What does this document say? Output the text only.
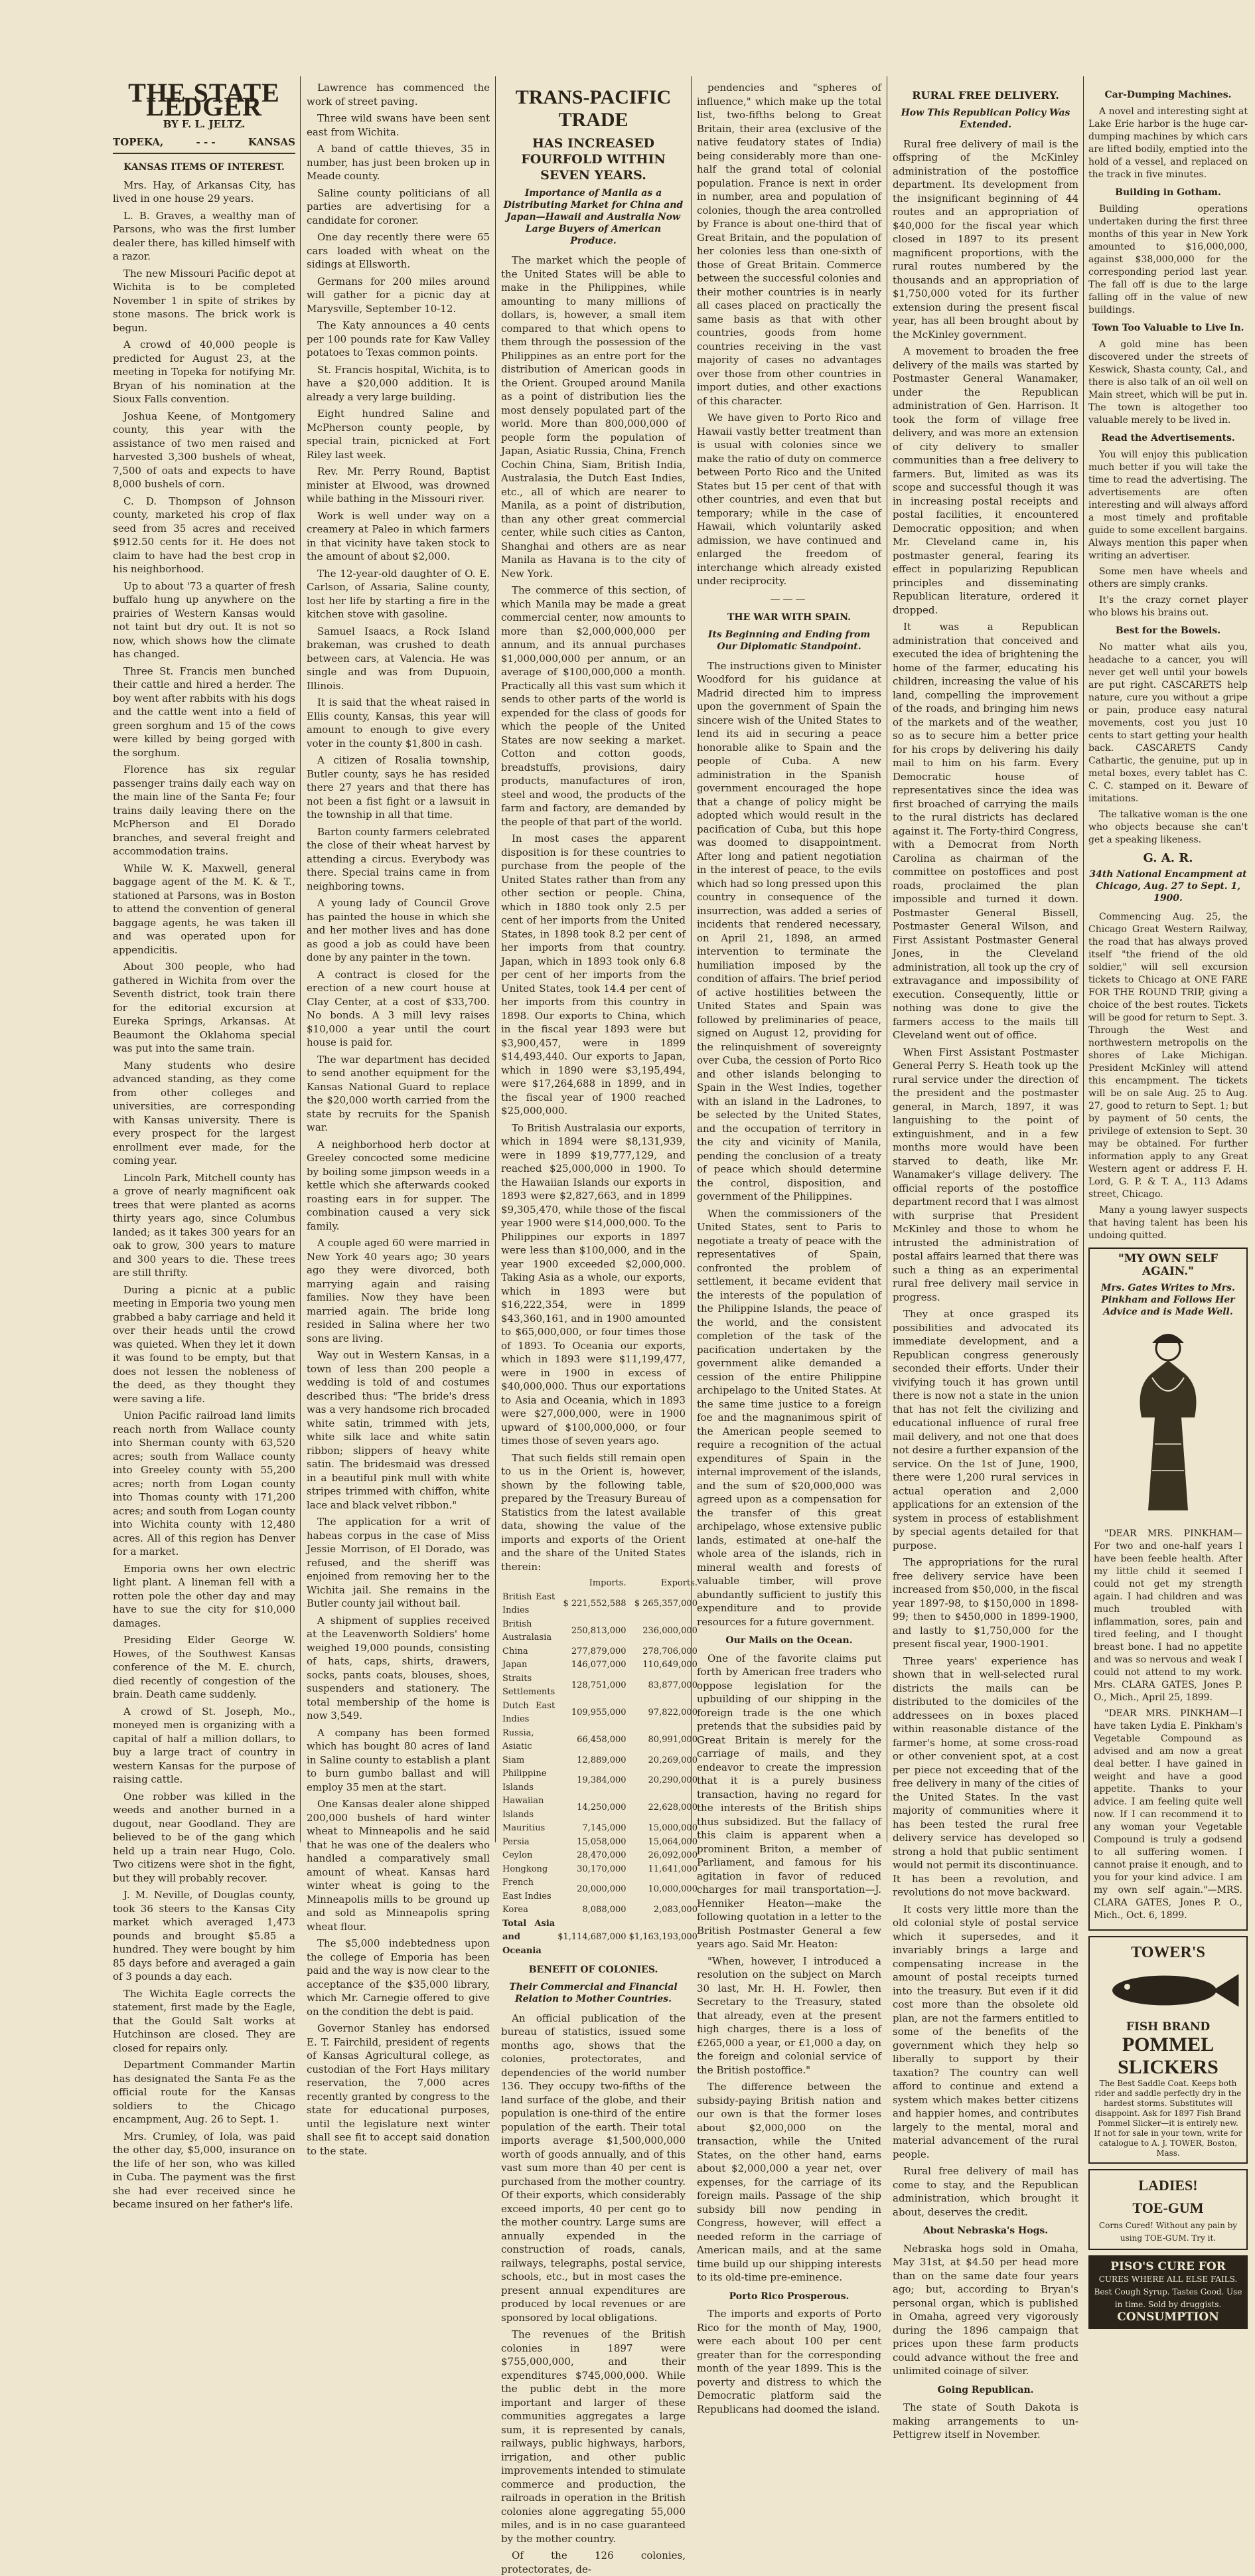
THE STATE LEDGER
BY F. L. JELTZ.
TOPEKA,	- - -	KANSAS
KANSAS ITEMS OF INTEREST.

Mrs. Hay, of Arkansas City, has lived in one house 29 years.

L. B. Graves, a wealthy man of Parsons, who was the first lumber dealer there, has killed himself with a razor.

The new Missouri Pacific depot at Wichita is to be completed November 1 in spite of strikes by stone masons. The brick work is begun.

A crowd of 40,000 people is predicted for August 23, at the meeting in Topeka for notifying Mr. Bryan of his nomination at the Sioux Falls convention.

Joshua Keene, of Montgomery county, this year with the assistance of two men raised and harvested 3,300 bushels of wheat, 7,500 of oats and expects to have 8,000 bushels of corn.

C. D. Thompson of Johnson county, marketed his crop of flax seed from 35 acres and received $912.50 cents for it. He does not claim to have had the best crop in his neighborhood.

Up to about '73 a quarter of fresh buffalo hung up anywhere on the prairies of Western Kansas would not taint but dry out. It is not so now, which shows how the climate has changed.

Three St. Francis men bunched their cattle and hired a herder. The boy went after rabbits with his dogs and the cattle went into a field of green sorghum and 15 of the cows were killed by being gorged with the sorghum.

Florence has six regular passenger trains daily each way on the main line of the Santa Fe; four trains daily leaving there on the McPherson and El Dorado branches, and several freight and accommodation trains.

While W. K. Maxwell, general baggage agent of the M. K. & T., stationed at Parsons, was in Boston to attend the convention of general baggage agents, he was taken ill and was operated upon for appendicitis.

About 300 people, who had gathered in Wichita from over the Seventh district, took train there for the editorial excursion at Eureka Springs, Arkansas. At Beaumont the Oklahoma special was put into the same train.

Many students who desire advanced standing, as they come from other colleges and universities, are corresponding with Kansas university. There is every prospect for the largest enrollment ever made, for the coming year.

Lincoln Park, Mitchell county has a grove of nearly magnificent oak trees that were planted as acorns thirty years ago, since Columbus landed; as it takes 300 years for an oak to grow, 300 years to mature and 300 years to die. These trees are still thrifty.

During a picnic at a public meeting in Emporia two young men grabbed a baby carriage and held it over their heads until the crowd was quieted. When they let it down it was found to be empty, but that does not lessen the nobleness of the deed, as they thought they were saving a life.

Union Pacific railroad land limits reach north from Wallace county into Sherman county with 63,520 acres; south from Wallace county into Greeley county with 55,200 acres; north from Logan county into Thomas county with 171,200 acres; and south from Logan county into Wichita county with 12,480 acres. All of this region has Denver for a market.

Emporia owns her own electric light plant. A lineman fell with a rotten pole the other day and may have to sue the city for $10,000 damages.

Presiding Elder George W. Howes, of the Southwest Kansas conference of the M. E. church, died recently of congestion of the brain. Death came suddenly.

A crowd of St. Joseph, Mo., moneyed men is organizing with a capital of half a million dollars, to buy a large tract of country in western Kansas for the purpose of raising cattle.

One robber was killed in the weeds and another burned in a dugout, near Goodland. They are believed to be of the gang which held up a train near Hugo, Colo. Two citizens were shot in the fight, but they will probably recover.

J. M. Neville, of Douglas county, took 36 steers to the Kansas City market which averaged 1,473 pounds and brought $5.85 a hundred. They were bought by him 85 days before and averaged a gain of 3 pounds a day each.

The Wichita Eagle corrects the statement, first made by the Eagle, that the Gould Salt works at Hutchinson are closed. They are closed for repairs only.

Department Commander Martin has designated the Santa Fe as the official route for the Kansas soldiers to the Chicago encampment, Aug. 26 to Sept. 1.

Mrs. Crumley, of Iola, was paid the other day, $5,000, insurance on the life of her son, who was killed in Cuba. The payment was the first she had ever received since he became insured on her father's life.

Lawrence has commenced the work of street paving.

Three wild swans have been sent east from Wichita.

A band of cattle thieves, 35 in number, has just been broken up in Meade county.

Saline county politicians of all parties are advertising for a candidate for coroner.

One day recently there were 65 cars loaded with wheat on the sidings at Ellsworth.

Germans for 200 miles around will gather for a picnic day at Marysville, September 10-12.

The Katy announces a 40 cents per 100 pounds rate for Kaw Valley potatoes to Texas common points.

St. Francis hospital, Wichita, is to have a $20,000 addition. It is already a very large building.

Eight hundred Saline and McPherson county people, by special train, picnicked at Fort Riley last week.

Rev. Mr. Perry Round, Baptist minister at Elwood, was drowned while bathing in the Missouri river.

Work is well under way on a creamery at Paleo in which farmers in that vicinity have taken stock to the amount of about $2,000.

The 12-year-old daughter of O. E. Carlson, of Assaria, Saline county, lost her life by starting a fire in the kitchen stove with gasoline.

Samuel Isaacs, a Rock Island brakeman, was crushed to death between cars, at Valencia. He was single and was from Dupuoin, Illinois.

It is said that the wheat raised in Ellis county, Kansas, this year will amount to enough to give every voter in the county $1,800 in cash.

A citizen of Rosalia township, Butler county, says he has resided there 27 years and that there has not been a fist fight or a lawsuit in the township in all that time.

Barton county farmers celebrated the close of their wheat harvest by attending a circus. Everybody was there. Special trains came in from neighboring towns.

A young lady of Council Grove has painted the house in which she and her mother lives and has done as good a job as could have been done by any painter in the town.

A contract is closed for the erection of a new court house at Clay Center, at a cost of $33,700. No bonds. A 3 mill levy raises $10,000 a year until the court house is paid for.

The war department has decided to send another equipment for the Kansas National Guard to replace the $20,000 worth carried from the state by recruits for the Spanish war.

A neighborhood herb doctor at Greeley concocted some medicine by boiling some jimpson weeds in a kettle which she afterwards cooked roasting ears in for supper. The combination caused a very sick family.

A couple aged 60 were married in New York 40 years ago; 30 years ago they were divorced, both marrying again and raising families. Now they have been married again. The bride long resided in Salina where her two sons are living.

Way out in Western Kansas, in a town of less than 200 people a wedding is told of and costumes described thus: "The bride's dress was a very handsome rich brocaded white satin, trimmed with jets, white silk lace and white satin ribbon; slippers of heavy white satin. The bridesmaid was dressed in a beautiful pink mull with white stripes trimmed with chiffon, white lace and black velvet ribbon."

The application for a writ of habeas corpus in the case of Miss Jessie Morrison, of El Dorado, was refused, and the sheriff was enjoined from removing her to the Wichita jail. She remains in the Butler county jail without bail.

A shipment of supplies received at the Leavenworth Soldiers' home weighed 19,000 pounds, consisting of hats, caps, shirts, drawers, socks, pants coats, blouses, shoes, suspenders and stationery. The total membership of the home is now 3,549.

A company has been formed which has bought 80 acres of land in Saline county to establish a plant to burn gumbo ballast and will employ 35 men at the start.

One Kansas dealer alone shipped 200,000 bushels of hard winter wheat to Minneapolis and he said that he was one of the dealers who handled a comparatively small amount of wheat. Kansas hard winter wheat is going to the Minneapolis mills to be ground up and sold as Minneapolis spring wheat flour.

The $5,000 indebtedness upon the college of Emporia has been paid and the way is now clear to the acceptance of the $35,000 library, which Mr. Carnegie offered to give on the condition the debt is paid.

Governor Stanley has endorsed E. T. Fairchild, president of regents of Kansas Agricultural college, as custodian of the Fort Hays military reservation, the 7,000 acres recently granted by congress to the state for educational purposes, until the legislature next winter shall see fit to accept said donation to the state.

TRANS-PACIFIC TRADE
HAS INCREASED FOURFOLD WITHIN SEVEN YEARS.
Importance of Manila as a Distributing Market for China and Japan—Hawaii and Australia Now Large Buyers of American Produce.

The market which the people of the United States will be able to make in the Philippines, while amounting to many millions of dollars, is, however, a small item compared to that which opens to them through the possession of the Philippines as an entre port for the distribution of American goods in the Orient. Grouped around Manila as a point of distribution lies the most densely populated part of the world. More than 800,000,000 of people form the population of Japan, Asiatic Russia, China, French Cochin China, Siam, British India, Australasia, the Dutch East Indies, etc., all of which are nearer to Manila, as a point of distribution, than any other great commercial center, while such cities as Canton, Shanghai and others are as near Manila as Havana is to the city of New York.

The commerce of this section, of which Manila may be made a great commercial center, now amounts to more than $2,000,000,000 per annum, and its annual purchases $1,000,000,000 per annum, or an average of $100,000,000 a month. Practically all this vast sum which it sends to other parts of the world is expended for the class of goods for which the people of the United States are now seeking a market. Cotton and cotton goods, breadstuffs, provisions, dairy products, manufactures of iron, steel and wood, the products of the farm and factory, are demanded by the people of that part of the world.

In most cases the apparent disposition is for these countries to purchase from the people of the United States rather than from any other section or people. China, which in 1880 took only 2.5 per cent of her imports from the United States, in 1898 took 8.2 per cent of her imports from that country. Japan, which in 1893 took only 6.8 per cent of her imports from the United States, took 14.4 per cent of her imports from this country in 1898. Our exports to China, which in the fiscal year 1893 were but $3,900,457, were in 1899 $14,493,440. Our exports to Japan, which in 1890 were $3,195,494, were $17,264,688 in 1899, and in the fiscal year of 1900 reached $25,000,000.

To British Australasia our exports, which in 1894 were $8,131,939, were in 1899 $19,777,129, and reached $25,000,000 in 1900. To the Hawaiian Islands our exports in 1893 were $2,827,663, and in 1899 $9,305,470, while those of the fiscal year 1900 were $14,000,000. To the Philippines our exports in 1897 were less than $100,000, and in the year 1900 exceeded $2,000,000. Taking Asia as a whole, our exports, which in 1893 were but $16,222,354, were in 1899 $43,360,161, and in 1900 amounted to $65,000,000, or four times those of 1893. To Oceania our exports, which in 1893 were $11,199,477, were in 1900 in excess of $40,000,000. Thus our exportations to Asia and Oceania, which in 1893 were $27,000,000, were in 1900 upward of $100,000,000, or four times those of seven years ago.

That such fields still remain open to us in the Orient is, however, shown by the following table, prepared by the Treasury Bureau of Statistics from the latest available data, showing the value of the imports and exports of the Orient and the share of the United States therein:

	Imports.	Exports.
British East Indies	$ 221,552,588	$ 265,357,000
British Australasia	250,813,000	236,000,000
China	277,879,000	278,706,000
Japan	146,077,000	110,649,000
Straits Settlements	128,751,000	83,877,000
Dutch East Indies	109,955,000	97,822,000
Russia, Asiatic	66,458,000	80,991,000
Siam	12,889,000	20,269,000
Philippine Islands	19,384,000	20,290,000
Hawaiian Islands	14,250,000	22,628,000
Mauritius	7,145,000	15,000,000
Persia	15,058,000	15,064,000
Ceylon	28,470,000	26,092,000
Hongkong	30,170,000	11,641,000
French East Indies	20,000,000	10,000,000
Korea	8,088,000	2,083,000
Total Asia and Oceania	$1,114,687,000	$1,163,193,000
BENEFIT OF COLONIES.
Their Commercial and Financial Relation to Mother Countries.

An official publication of the bureau of statistics, issued some months ago, shows that the colonies, protectorates, and dependencies of the world number 136. They occupy two-fifths of the land surface of the globe, and their population is one-third of the entire population of the earth. Their total imports average $1,500,000,000 worth of goods annually, and of this vast sum more than 40 per cent is purchased from the mother country. Of their exports, which considerably exceed imports, 40 per cent go to the mother country. Large sums are annually expended in the construction of roads, canals, railways, telegraphs, postal service, schools, etc., but in most cases the present annual expenditures are produced by local revenues or are sponsored by local obligations.

The revenues of the British colonies in 1897 were $755,000,000, and their expenditures $745,000,000. While the public debt in the more important and larger of these communities aggregates a large sum, it is represented by canals, railways, public highways, harbors, irrigation, and other public improvements intended to stimulate commerce and production, the railroads in operation in the British colonies alone aggregating 55,000 miles, and is in no case guaranteed by the mother country.

Of the 126 colonies, protectorates, de-

pendencies and "spheres of influence," which make up the total list, two-fifths belong to Great Britain, their area (exclusive of the native feudatory states of India) being considerably more than one-half the grand total of colonial population. France is next in order in number, area and population of colonies, though the area controlled by France is about one-third that of Great Britain, and the population of her colonies less than one-sixth of those of Great Britain. Commerce between the successful colonies and their mother countries is in nearly all cases placed on practically the same basis as that with other countries, goods from home countries receiving in the vast majority of cases no advantages over those from other countries in import duties, and other exactions of this character.

We have given to Porto Rico and Hawaii vastly better treatment than is usual with colonies since we make the ratio of duty on commerce between Porto Rico and the United States but 15 per cent of that with other countries, and even that but temporary; while in the case of Hawaii, which voluntarily asked admission, we have continued and enlarged the freedom of interchange which already existed under reciprocity.

———
THE WAR WITH SPAIN.
Its Beginning and Ending from Our Diplomatic Standpoint.

The instructions given to Minister Woodford for his guidance at Madrid directed him to impress upon the government of Spain the sincere wish of the United States to lend its aid in securing a peace honorable alike to Spain and the people of Cuba. A new administration in the Spanish government encouraged the hope that a change of policy might be adopted which would result in the pacification of Cuba, but this hope was doomed to disappointment. After long and patient negotiation in the interest of peace, to the evils which had so long pressed upon this country in consequence of the insurrection, was added a series of incidents that rendered necessary, on April 21, 1898, an armed intervention to terminate the humiliation imposed by the condition of affairs. The brief period of active hostilities between the United States and Spain was followed by preliminaries of peace, signed on August 12, providing for the relinquishment of sovereignty over Cuba, the cession of Porto Rico and other islands belonging to Spain in the West Indies, together with an island in the Ladrones, to be selected by the United States, and the occupation of territory in the city and vicinity of Manila, pending the conclusion of a treaty of peace which should determine the control, disposition, and government of the Philippines.

When the commissioners of the United States, sent to Paris to negotiate a treaty of peace with the representatives of Spain, confronted the problem of settlement, it became evident that the interests of the population of the Philippine Islands, the peace of the world, and the consistent completion of the task of the pacification undertaken by the government alike demanded a cession of the entire Philippine archipelago to the United States. At the same time justice to a foreign foe and the magnanimous spirit of the American people seemed to require a recognition of the actual expenditures of Spain in the internal improvement of the islands, and the sum of $20,000,000 was agreed upon as a compensation for the transfer of this great archipelago, whose extensive public lands, estimated at one-half the whole area of the islands, rich in mineral wealth and forests of valuable timber, will prove abundantly sufficient to justify this expenditure and to provide resources for a future government.

Our Mails on the Ocean.

One of the favorite claims put forth by American free traders who oppose legislation for the upbuilding of our shipping in the foreign trade is the one which pretends that the subsidies paid by Great Britain is merely for the carriage of mails, and they endeavor to create the impression that it is a purely business transaction, having no regard for the interests of the British ships thus subsidized. But the fallacy of this claim is apparent when a prominent Briton, a member of Parliament, and famous for his agitation in favor of reduced charges for mail transportation—J. Henniker Heaton—make the following quotation in a letter to the British Postmaster General a few years ago. Said Mr. Heaton:

"When, however, I introduced a resolution on the subject on March 30 last, Mr. H. H. Fowler, then Secretary to the Treasury, stated that already, even at the present high charges, there is a loss of £265,000 a year, or £1,000 a day, on the foreign and colonial service of the British postoffice."

The difference between the subsidy-paying British nation and our own is that the former loses about $2,000,000 on the transaction, while the United States, on the other hand, earns about $2,000,000 a year net, over expenses, for the carriage of its foreign mails. Passage of the ship subsidy bill now pending in Congress, however, will effect a needed reform in the carriage of American mails, and at the same time build up our shipping interests to its old-time pre-eminence.

Porto Rico Prosperous.

The imports and exports of Porto Rico for the month of May, 1900, were each about 100 per cent greater than for the corresponding month of the year 1899. This is the poverty and distress to which the Democratic platform said the Republicans had doomed the island.

RURAL FREE DELIVERY.
How This Republican Policy Was Extended.

Rural free delivery of mail is the offspring of the McKinley administration of the postoffice department. Its development from the insignificant beginning of 44 routes and an appropriation of $40,000 for the fiscal year which closed in 1897 to its present magnificent proportions, with the rural routes numbered by the thousands and an appropriation of $1,750,000 voted for its further extension during the present fiscal year, has all been brought about by the McKinley government.

A movement to broaden the free delivery of the mails was started by Postmaster General Wanamaker, under the Republican administration of Gen. Harrison. It took the form of village free delivery, and was more an extension of city delivery to smaller communities than a free delivery to farmers. But, limited as was its scope and successful though it was in increasing postal receipts and postal facilities, it encountered Democratic opposition; and when Mr. Cleveland came in, his postmaster general, fearing its effect in popularizing Republican principles and disseminating Republican literature, ordered it dropped.

It was a Republican administration that conceived and executed the idea of brightening the home of the farmer, educating his children, increasing the value of his land, compelling the improvement of the roads, and bringing him news of the markets and of the weather, so as to secure him a better price for his crops by delivering his daily mail to him on his farm. Every Democratic house of representatives since the idea was first broached of carrying the mails to the rural districts has declared against it. The Forty-third Congress, with a Democrat from North Carolina as chairman of the committee on postoffices and post roads, proclaimed the plan impossible and turned it down. Postmaster General Bissell, Postmaster General Wilson, and First Assistant Postmaster General Jones, in the Cleveland administration, all took up the cry of extravagance and impossibility of execution. Consequently, little or nothing was done to give the farmers access to the mails till Cleveland went out of office.

When First Assistant Postmaster General Perry S. Heath took up the rural service under the direction of the president and the postmaster general, in March, 1897, it was languishing to the point of extinguishment, and in a few months more would have been starved to death, like Mr. Wanamaker's village delivery. The official reports of the postoffice department record that I was almost with surprise that President McKinley and those to whom he intrusted the administration of postal affairs learned that there was such a thing as an experimental rural free delivery mail service in progress.

They at once grasped its possibilities and advocated its immediate development, and a Republican congress generously seconded their efforts. Under their vivifying touch it has grown until there is now not a state in the union that has not felt the civilizing and educational influence of rural free mail delivery, and not one that does not desire a further expansion of the service. On the 1st of June, 1900, there were 1,200 rural services in actual operation and 2,000 applications for an extension of the system in process of establishment by special agents detailed for that purpose.

The appropriations for the rural free delivery service have been increased from $50,000, in the fiscal year 1897-98, to $150,000 in 1898-99; then to $450,000 in 1899-1900, and lastly to $1,750,000 for the present fiscal year, 1900-1901.

Three years' experience has shown that in well-selected rural districts the mails can be distributed to the domiciles of the addressees on in boxes placed within reasonable distance of the farmer's home, at some cross-road or other convenient spot, at a cost per piece not exceeding that of the free delivery in many of the cities of the United States. In the vast majority of communities where it has been tested the rural free delivery service has developed so strong a hold that public sentiment would not permit its discontinuance. It has been a revolution, and revolutions do not move backward.

It costs very little more than the old colonial style of postal service which it supersedes, and it invariably brings a large and compensating increase in the amount of postal receipts turned into the treasury. But even if it did cost more than the obsolete old plan, are not the farmers entitled to some of the benefits of the government which they help so liberally to support by their taxation? The country can well afford to continue and extend a system which makes better citizens and happier homes, and contributes largely to the mental, moral and material advancement of the rural people.

Rural free delivery of mail has come to stay, and the Republican administration, which brought it about, deserves the credit.

About Nebraska's Hogs.

Nebraska hogs sold in Omaha, May 31st, at $4.50 per head more than on the same date four years ago; but, according to Bryan's personal organ, which is published in Omaha, agreed very vigorously during the 1896 campaign that prices upon these farm products could advance without the free and unlimited coinage of silver.

Going Republican.

The state of South Dakota is making arrangements to un-Pettigrew itself in November.

Car-Dumping Machines.

A novel and interesting sight at Lake Erie harbor is the huge car-dumping machines by which cars are lifted bodily, emptied into the hold of a vessel, and replaced on the track in five minutes.

Building in Gotham.

Building operations undertaken during the first three months of this year in New York amounted to $16,000,000, against $38,000,000 for the corresponding period last year. The fall off is due to the large falling off in the value of new buildings.

Town Too Valuable to Live In.

A gold mine has been discovered under the streets of Keswick, Shasta county, Cal., and there is also talk of an oil well on Main street, which will be put in. The town is altogether too valuable merely to be lived in.

Read the Advertisements.

You will enjoy this publication much better if you will take the time to read the advertising. The advertisements are often interesting and will always afford a most timely and profitable guide to some excellent bargains. Always mention this paper when writing an advertiser.

Some men have wheels and others are simply cranks.

It's the crazy cornet player who blows his brains out.

Best for the Bowels.

No matter what ails you, headache to a cancer, you will never get well until your bowels are put right. CASCARETS help nature, cure you without a gripe or pain, produce easy natural movements, cost you just 10 cents to start getting your health back. CASCARETS Candy Cathartic, the genuine, put up in metal boxes, every tablet has C. C. C. stamped on it. Beware of imitations.

The talkative woman is the one who objects because she can't get a speaking likeness.

G. A. R.
34th National Encampment at Chicago, Aug. 27 to Sept. 1, 1900.

Commencing Aug. 25, the Chicago Great Western Railway, the road that has always proved itself "the friend of the old soldier," will sell excursion tickets to Chicago at ONE FARE FOR THE ROUND TRIP, giving a choice of the best routes. Tickets will be good for return to Sept. 3. Through the West and northwestern metropolis on the shores of Lake Michigan. President McKinley will attend this encampment. The tickets will be on sale Aug. 25 to Aug. 27, good to return to Sept. 1; but by payment of 50 cents, the privilege of extension to Sept. 30 may be obtained. For further information apply to any Great Western agent or address F. H. Lord, G. P. & T. A., 113 Adams street, Chicago.

Many a young lawyer suspects that having talent has been his undoing quitted.

"MY OWN SELF AGAIN."
Mrs. Gates Writes to Mrs. Pinkham and Follows Her Advice and is Made Well.

"DEAR MRS. PINKHAM—For two and one-half years I have been feeble health. After my little child it seemed I could not get my strength again. I had children and was much troubled with inflammation, sores, pain and tired feeling, and I thought breast bone. I had no appetite and was so nervous and weak I could not attend to my work. Mrs. CLARA GATES, Jones P. O., Mich., April 25, 1899.

"DEAR MRS. PINKHAM—I have taken Lydia E. Pinkham's Vegetable Compound as advised and am now a great deal better. I have gained in weight and have a good appetite. Thanks to your advice. I am feeling quite well now. If I can recommend it to any woman your Vegetable Compound is truly a godsend to all suffering women. I cannot praise it enough, and to you for your kind advice. I am my own self again."—MRS. CLARA GATES, Jones P. O., Mich., Oct. 6, 1899.

TOWER'S
FISH BRAND
POMMEL SLICKERS
The Best Saddle Coat. Keeps both rider and saddle perfectly dry in the hardest storms. Substitutes will disappoint. Ask for 1897 Fish Brand Pommel Slicker—it is entirely new. If not for sale in your town, write for catalogue to A. J. TOWER, Boston, Mass.
LADIES!
TOE-GUM
Corns Cured! Without any pain by using TOE-GUM. Try it.
PISO'S CURE FOR
CURES WHERE ALL ELSE FAILS. Best Cough Syrup. Tastes Good. Use in time. Sold by druggists.
CONSUMPTION
